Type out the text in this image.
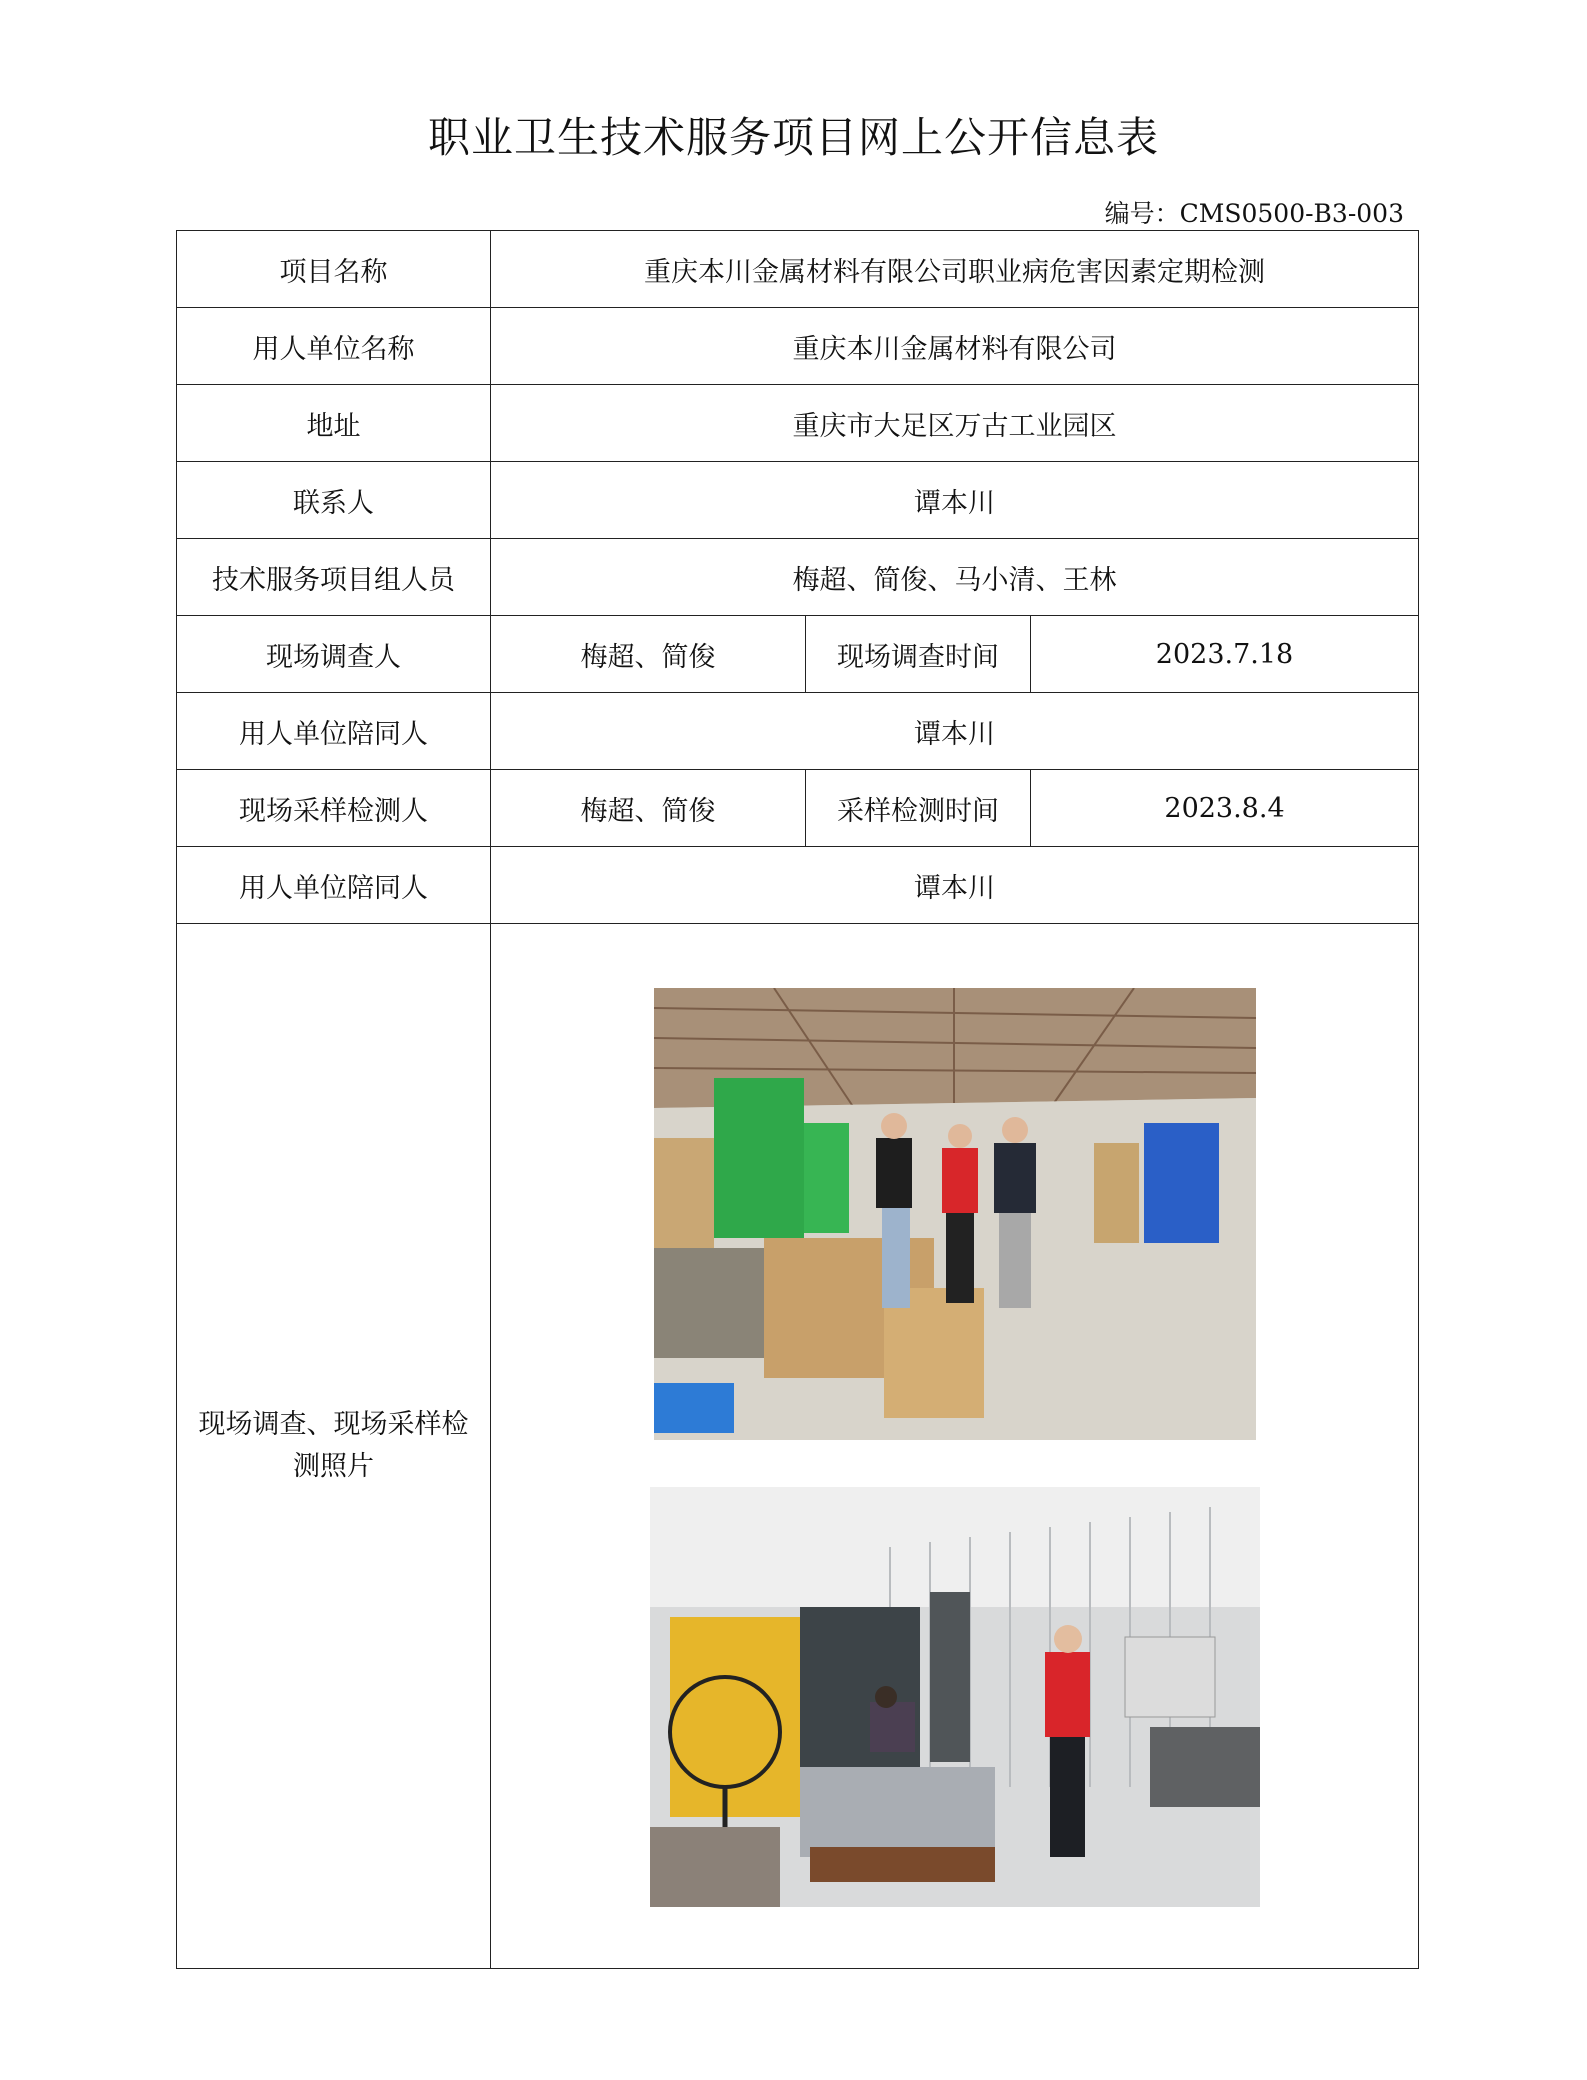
职业卫生技术服务项目网上公开信息表
编号：CMS0500-B3-003
项目名称	重庆本川金属材料有限公司职业病危害因素定期检测		
用人单位名称	重庆本川金属材料有限公司		
地址	重庆市大足区万古工业园区		
联系人	谭本川		
技术服务项目组人员	梅超、简俊、马小清、王林		
现场调查人	梅超、简俊	现场调查时间	2023.7.18
用人单位陪同人	谭本川		
现场采样检测人	梅超、简俊	采样检测时间	2023.8.4
用人单位陪同人	谭本川		

现场调查、现场采样检
测照片
